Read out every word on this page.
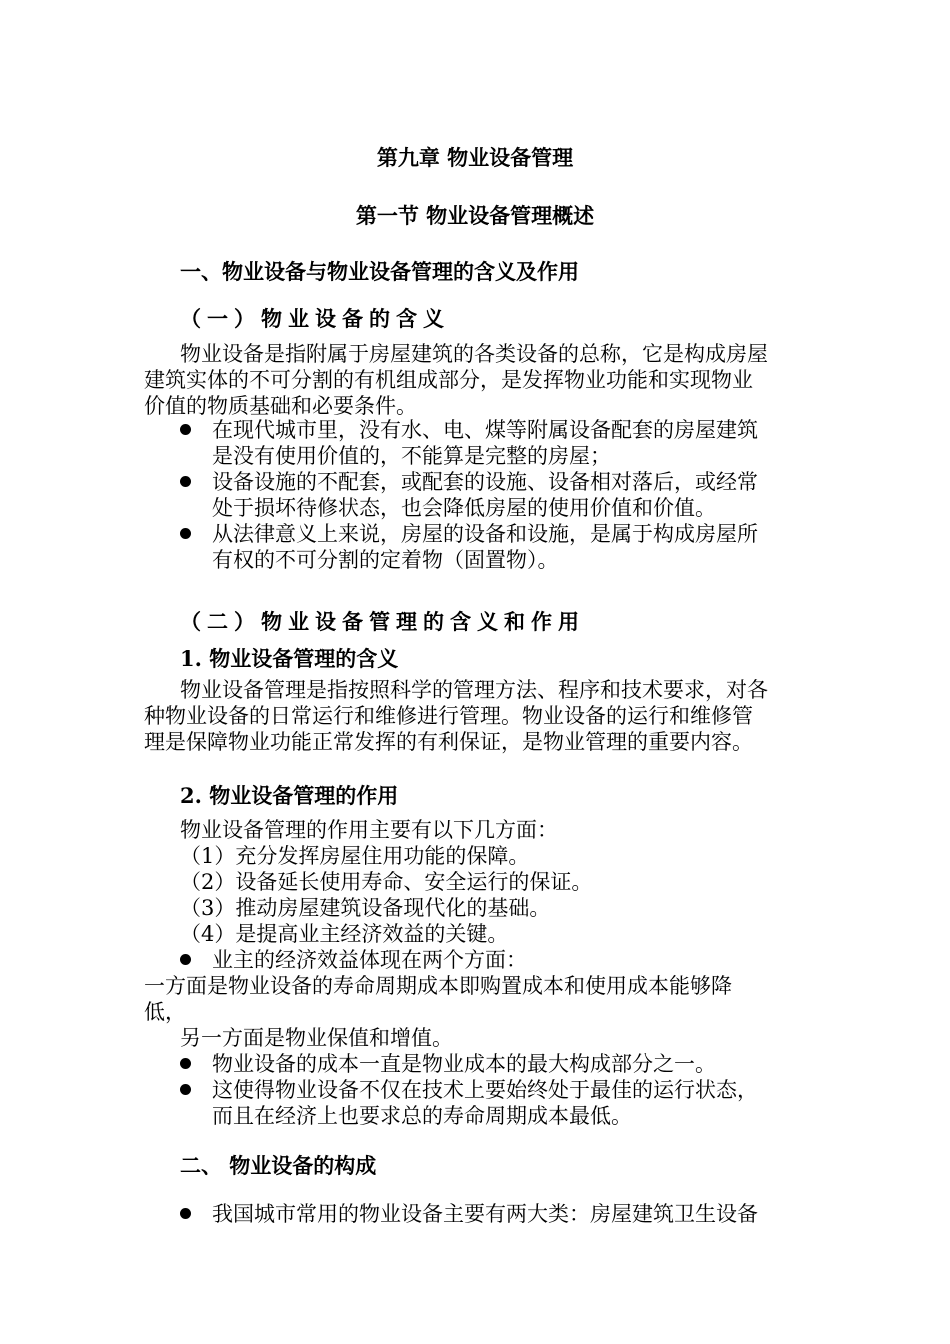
第九章 物业设备管理
第一节 物业设备管理概述
一、物业设备与物业设备管理的含义及作用
（一）物业设备的含义
物业设备是指附属于房屋建筑的各类设备的总称，它是构成房屋
建筑实体的不可分割的有机组成部分，是发挥物业功能和实现物业
价值的物质基础和必要条件。
在现代城市里，没有水、电、煤等附属设备配套的房屋建筑
是没有使用价值的，不能算是完整的房屋；
设备设施的不配套，或配套的设施、设备相对落后，或经常
处于损坏待修状态，也会降低房屋的使用价值和价值。
从法律意义上来说，房屋的设备和设施，是属于构成房屋所
有权的不可分割的定着物（固置物）。
（二）物业设备管理的含义和作用
1. 物业设备管理的含义
物业设备管理是指按照科学的管理方法、程序和技术要求，对各
种物业设备的日常运行和维修进行管理。物业设备的运行和维修管
理是保障物业功能正常发挥的有利保证，是物业管理的重要内容。
2. 物业设备管理的作用
物业设备管理的作用主要有以下几方面：
（1）充分发挥房屋住用功能的保障。
（2）设备延长使用寿命、安全运行的保证。
（3）推动房屋建筑设备现代化的基础。
（4）是提高业主经济效益的关键。
业主的经济效益体现在两个方面：
一方面是物业设备的寿命周期成本即购置成本和使用成本能够降
低，
另一方面是物业保值和增值。
物业设备的成本一直是物业成本的最大构成部分之一。
这使得物业设备不仅在技术上要始终处于最佳的运行状态，
而且在经济上也要求总的寿命周期成本最低。
二、 物业设备的构成
我国城市常用的物业设备主要有两大类：房屋建筑卫生设备
